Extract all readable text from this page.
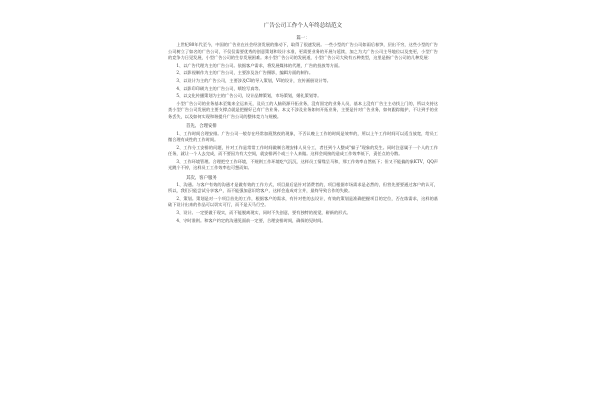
广告公司工作个人年终总结范文
篇一：

上世纪80年代至今，中国的广告业在社会经济发展的推动下，取得了很速发展。一些小型的广告公司如雨后春笋，层出不穷，这些小型的广告公司树立了如名的广告公司，不仅仅需要优秀的创意策划和设计水准，更需要业务的开展与延续，加之为大广告公司主导地位以及变更，小型广告的竞争力日见发展，小型广告公司的生存发展困难。来小型广告公司的发展道，小型广告公司大致有五种类型，这里是指广告公司的几种发展：

1、以广告代理为主的广告公司。依据客户需求，将发展媒体的代理，广告的投放等方面。

2、以影视制作为主的广告公司，主要涉及各广告摄影，编辑方面的制作。

3、以设计为主的广告公司，主要涉及CI的导入策划，VI的设计，宣传画册设计等。

4、以影印印刷为主的广告公司，喷绘写真等。

5、以文化传播策划为主的广告公司，设计品牌策划，市场策划，婚礼策划等。

小型广告公司的业务基本至集来全运来无，及员工的人脑资源开拓业务，没有固定的业务人员，基本上没有广告主主动找上门的，所以支持这类小型广告公司发展的主要支撑点就是把握好已有广告业务。本文不涉及业务如何开拓业务，主要是针对广告业务，如何跟踪做护，不让到手的业务丢失，以及如何实现和谐提升广告公司的整体竞力与规模。

首先、合理安排

1、工作时间合理安排。广告公司一般存在经常加班熬夜的现象，不否认晚上工作的时间是效率的，所以上午工作时间可以适当放宽，给员工微合理有成性的工作时间。

2、工作分工安排的问题，针对工作是常常工作时间做制合理安排人员分工，者任到个人整成"躲子"现象的发生。同时注意属于一个人的工作任务，就让一个人去完成，而不要因为有大空间，就安排两个或三个人来做。这样会间接的造成工作效率低下，责任点的分散。

3、工作环境管理。合理把空工作环境，不规则工作环境吃气沉沉，这样员工情缘呈马和，那工作效率自然低下；但又不能搞的象KTV，QQ声光跳个不停，这样员工工作效率也可想而知。

其次、客户服务

1、沟通。与客户有效的沟通才是做有效的工作方式，项目最后是针对消费者的，项目根据市场需求是必然的，但营先要要通过客户的认可，所以，我们只能尝试分享客户，而不能强加意识给客户，这样会造成对立并，最终导致合作的失败。

2、策划。策划是对一个项目首先的工作，根据客户的需求，有针对性的去设计，有效的策划是准确把握项目的定位，否在练需求，这样的基础下设计出来的作品可以切实可行，而不是天马行空。

3、设计。一定要做于现实，而不能脱离现实，同时不失创意，要有独特的视觉，崭新的形式。

4、守时准则。和客户约定的沟通见面前一定要，合理安排时间，确保的见时间。
